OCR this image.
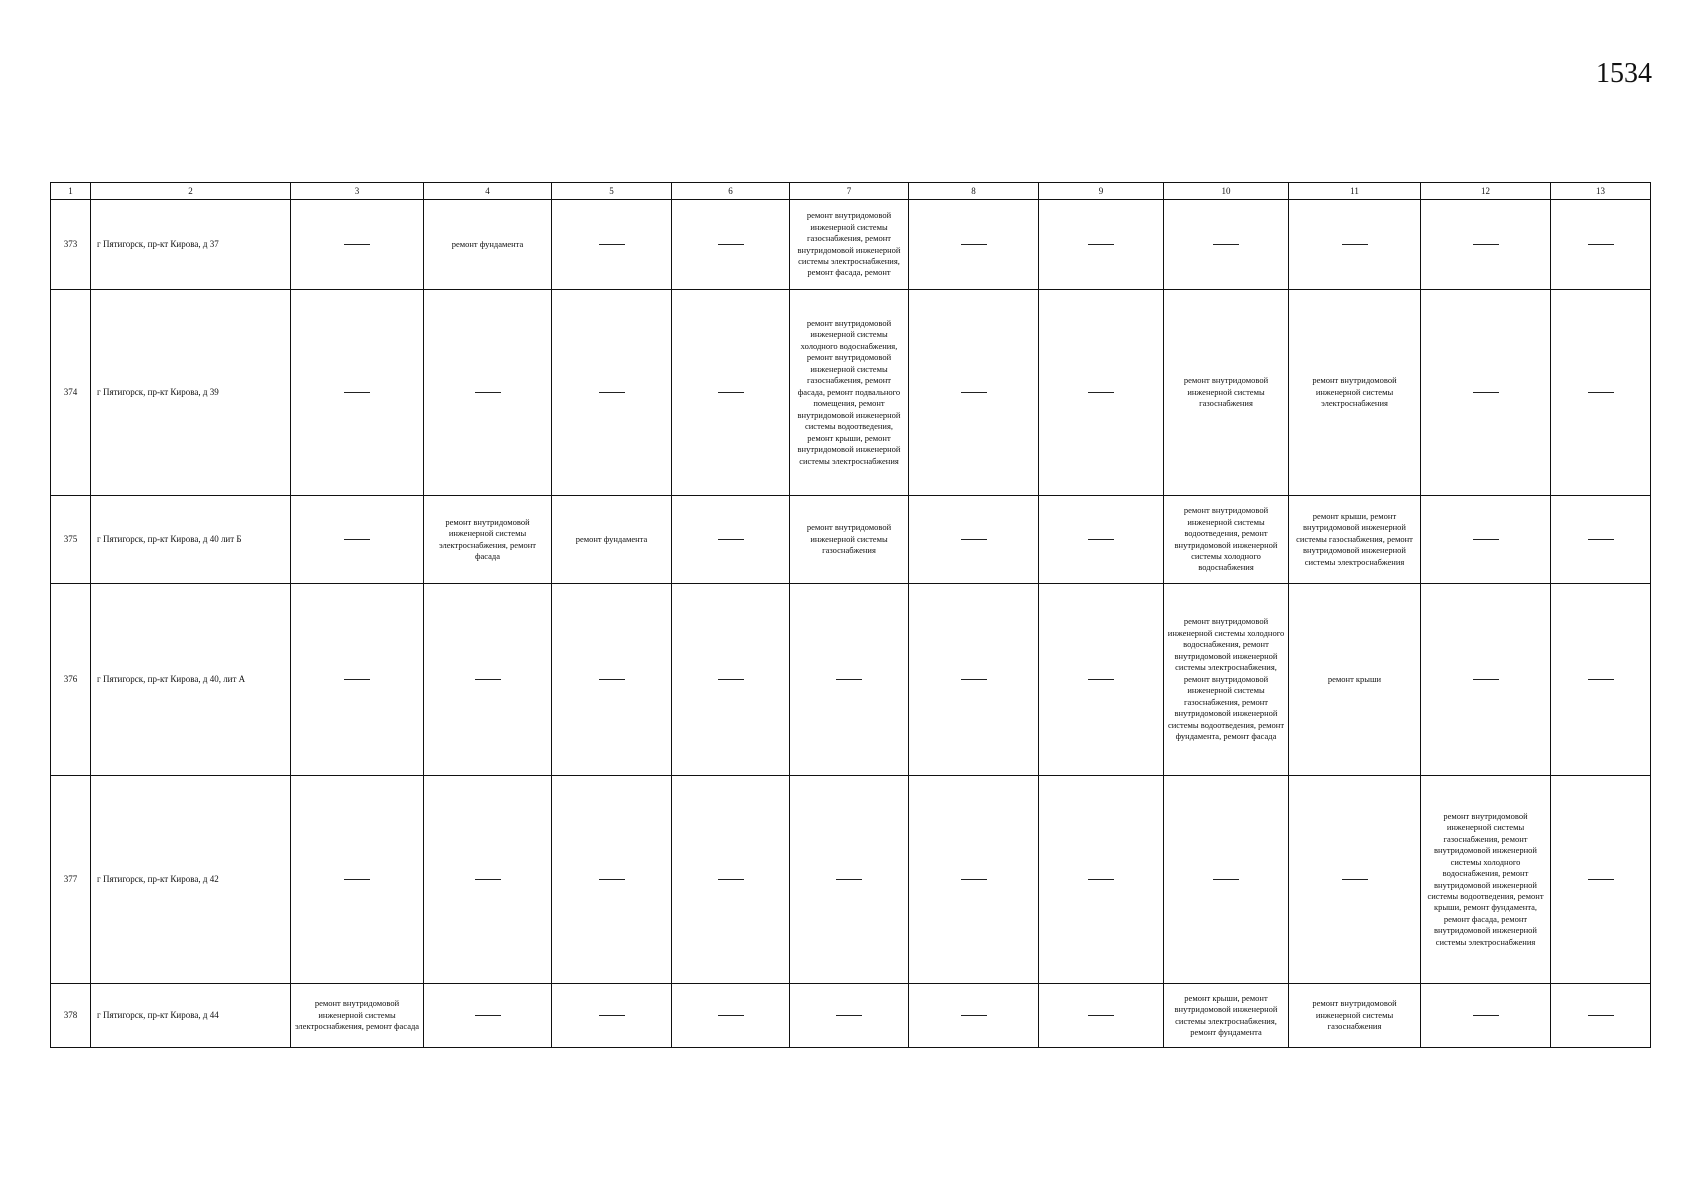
1534
1	2	3	4	5	6	7	8	9	10	11	12	13
373	г Пятигорск, пр-кт Кирова, д 37		ремонт фундамента			ремонт внутридомовой инженерной системы газоснабжения, ремонт внутридомовой инженерной системы электроснабжения, ремонт фасада, ремонт						

374	г Пятигорск, пр-кт Кирова, д 39					ремонт внутридомовой инженерной системы холодного водоснабжения, ремонт внутридомовой инженерной системы газоснабжения, ремонт фасада, ремонт подвального помещения, ремонт внутридомовой инженерной системы водоотведения, ремонт крыши, ремонт внутридомовой инженерной системы электроснабжения			ремонт внутридомовой инженерной системы газоснабжения	ремонт внутридомовой инженерной системы электроснабжения		

375	г Пятигорск, пр-кт Кирова, д 40 лит Б		ремонт внутридомовой инженерной системы электроснабжения, ремонт фасада	ремонт фундамента		ремонт внутридомовой инженерной системы газоснабжения			ремонт внутридомовой инженерной системы водоотведения, ремонт внутридомовой инженерной системы холодного водоснабжения	ремонт крыши, ремонт внутридомовой инженерной системы газоснабжения, ремонт внутридомовой инженерной системы электроснабжения		

376	г Пятигорск, пр-кт Кирова, д 40, лит А								ремонт внутридомовой инженерной системы холодного водоснабжения, ремонт внутридомовой инженерной системы электроснабжения, ремонт внутридомовой инженерной системы газоснабжения, ремонт внутридомовой инженерной системы водоотведения, ремонт фундамента, ремонт фасада	ремонт крыши		

377	г Пятигорск, пр-кт Кирова, д 42										ремонт внутридомовой инженерной системы газоснабжения, ремонт внутридомовой инженерной системы холодного водоснабжения, ремонт внутридомовой инженерной системы водоотведения, ремонт крыши, ремонт фундамента, ремонт фасада, ремонт внутридомовой инженерной системы электроснабжения	

378	г Пятигорск, пр-кт Кирова, д 44	ремонт внутридомовой инженерной системы электроснабжения, ремонт фасада							ремонт крыши, ремонт внутридомовой инженерной системы электроснабжения, ремонт фундамента	ремонт внутридомовой инженерной системы газоснабжения		
